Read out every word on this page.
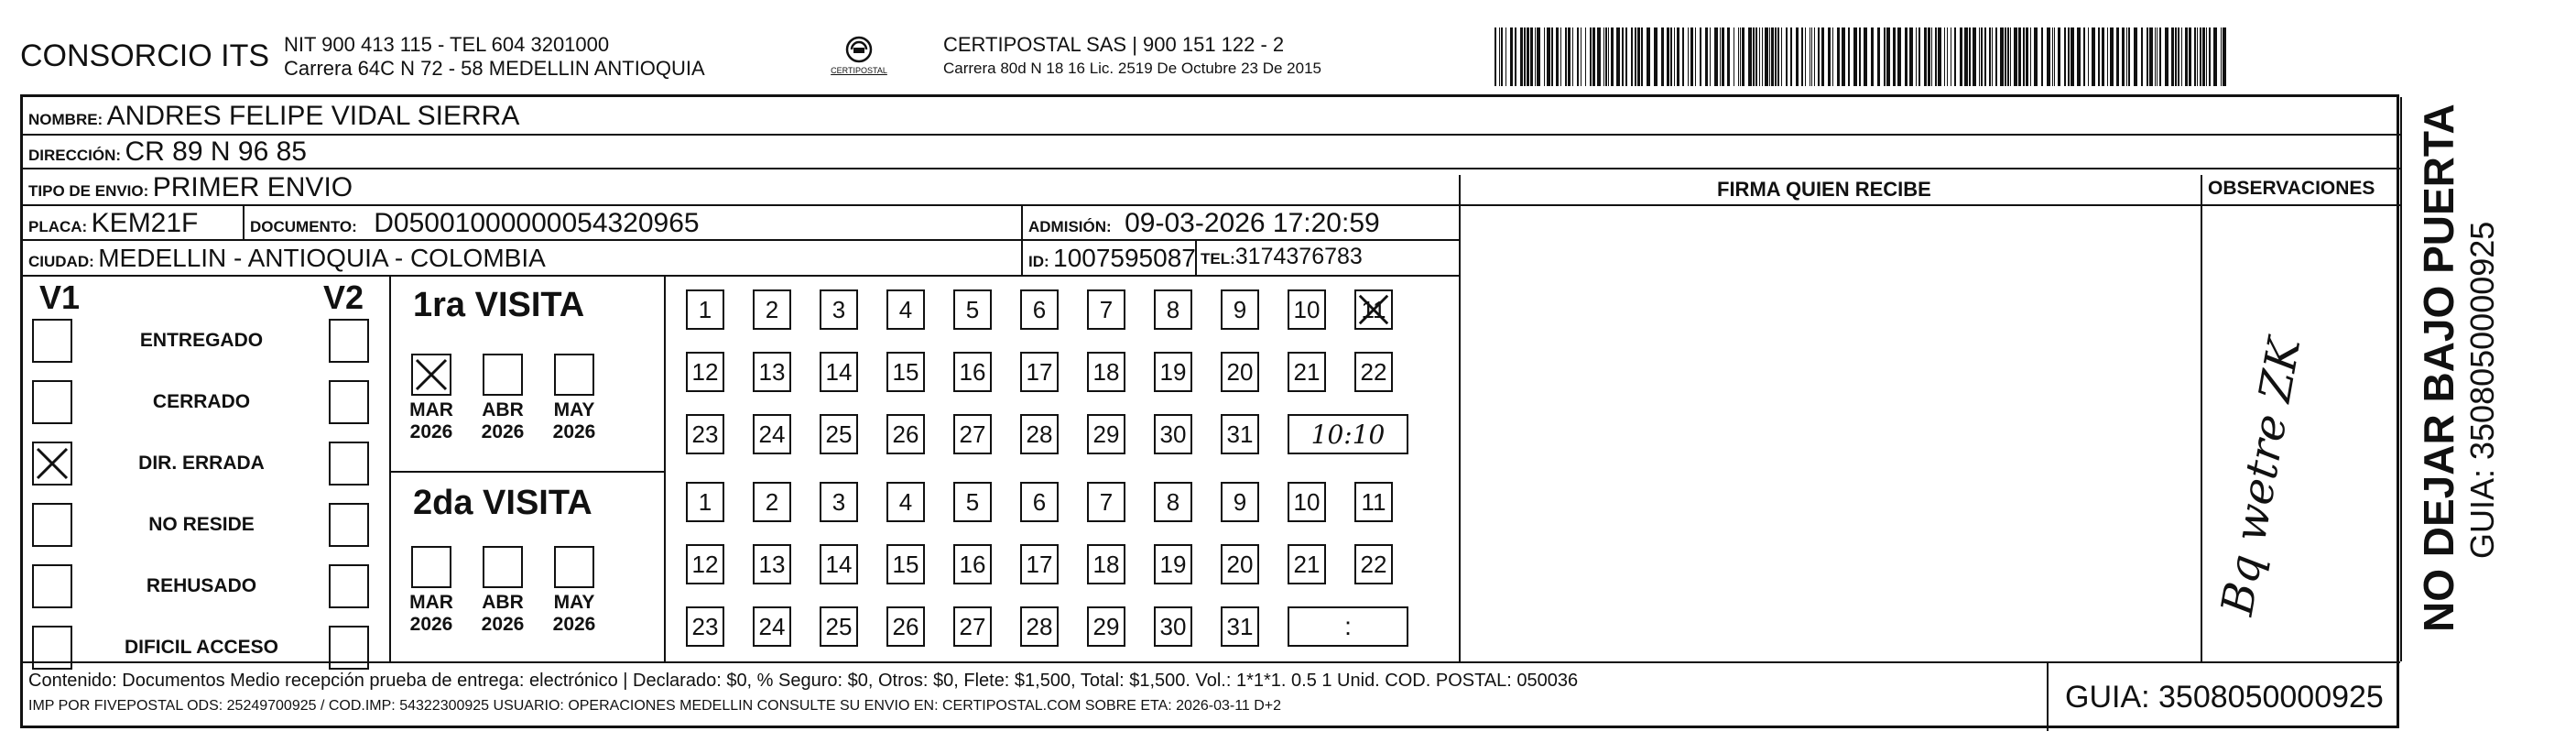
CONSORCIO ITS NIT 900 413 115 - TEL 604 3201000
Carrera 64C N 72 - 58 MEDELLIN ANTIOQUIA	CERTIPOSTAL
CERTIPOSTAL SAS | 900 151 122 - 2
Carrera 80d N 18 16 Lic. 2519 De Octubre 23 De 2015
NOMBRE: ANDRES FELIPE VIDAL SIERRA
DIRECCIÓN: CR 89 N 96 85
TIPO DE ENVIO: PRIMER ENVIO	FIRMA QUIEN RECIBE	OBSERVACIONES
PLACA: KEM21F	DOCUMENTO: D05001000000054320965	ADMISIÓN: 09-03-2026 17:20:59
CIUDAD: MEDELLIN - ANTIOQUIA - COLOMBIA	ID: 1007595087 TEL:3174376783
V1	V2
ENTREGADO
CERRADO
DIR. ERRADA
NO RESIDE
REHUSADO
DIFICIL ACCESO
1ra VISITA
2da VISITA
MAR
2026
ABR
2026
MAY
2026
MAR
2026
ABR
2026
MAY
2026
1	2	3	4	5	6	7	8	9	10 11
12 13 14 15 16 17 18 19 20 21 22
23 24 25 26 27 28 29 30 31	10:10
1	2	3	4	5	6	7	8	9	10 11
12 13 14 15 16 17 18 19 20 21 22
23 24 25 26 27 28 29 30 31	:
Bq wetre ZK
Contenido: Documentos Medio recepción prueba de entrega: electrónico | Declarado: $0, % Seguro: $0, Otros: $0, Flete: $1,500, Total: $1,500. Vol.: 1*1*1. 0.5 1 Unid. COD. POSTAL: 050036
IMP POR FIVEPOSTAL ODS: 25249700925 / COD.IMP: 54322300925 USUARIO: OPERACIONES MEDELLIN CONSULTE SU ENVIO EN: CERTIPOSTAL.COM SOBRE ETA: 2026-03-11 D+2	GUIA: 3508050000925
NO DEJAR BAJO PUERTA GUIA: 3508050000925
